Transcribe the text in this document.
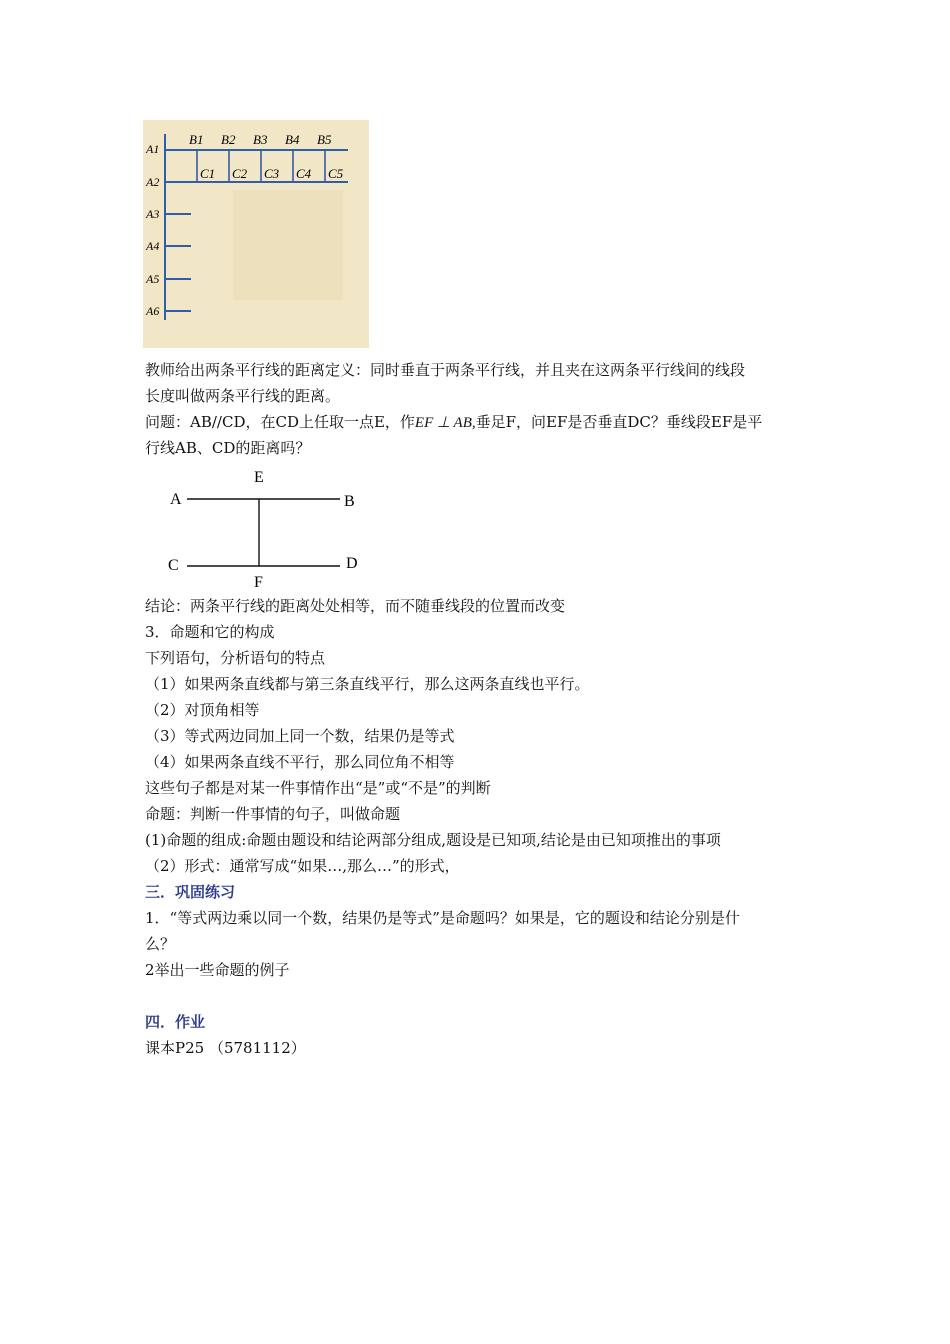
A1
A2
A3
A4
A5
A6
B1 B2 B3 B4 B5
C1 C2 C3 C4 C5
教师给出两条平行线的距离定义：同时垂直于两条平行线，并且夹在这两条平行线间的线段
长度叫做两条平行线的距离。
问题：AB//CD，在CD上任取一点E，作EF ⊥ AB,垂足F，问EF是否垂直DC？垂线段EF是平
行线AB、CD的距离吗？
E
A	B
C	D
F
结论：两条平行线的距离处处相等，而不随垂线段的位置而改变
3．命题和它的构成
下列语句，分析语句的特点
（1）如果两条直线都与第三条直线平行，那么这两条直线也平行。
（2）对顶角相等
（3）等式两边同加上同一个数，结果仍是等式
（4）如果两条直线不平行，那么同位角不相等
这些句子都是对某一件事情作出“是”或“不是”的判断
命题：判断一件事情的句子，叫做命题
(1)命题的组成:命题由题设和结论两部分组成,题设是已知项,结论是由已知项推出的事项
（2）形式：通常写成“如果…,那么…”的形式，
三．巩固练习
1．“等式两边乘以同一个数，结果仍是等式”是命题吗？如果是，它的题设和结论分别是什
么？
2举出一些命题的例子
四．作业
课本P25 （5781112）
